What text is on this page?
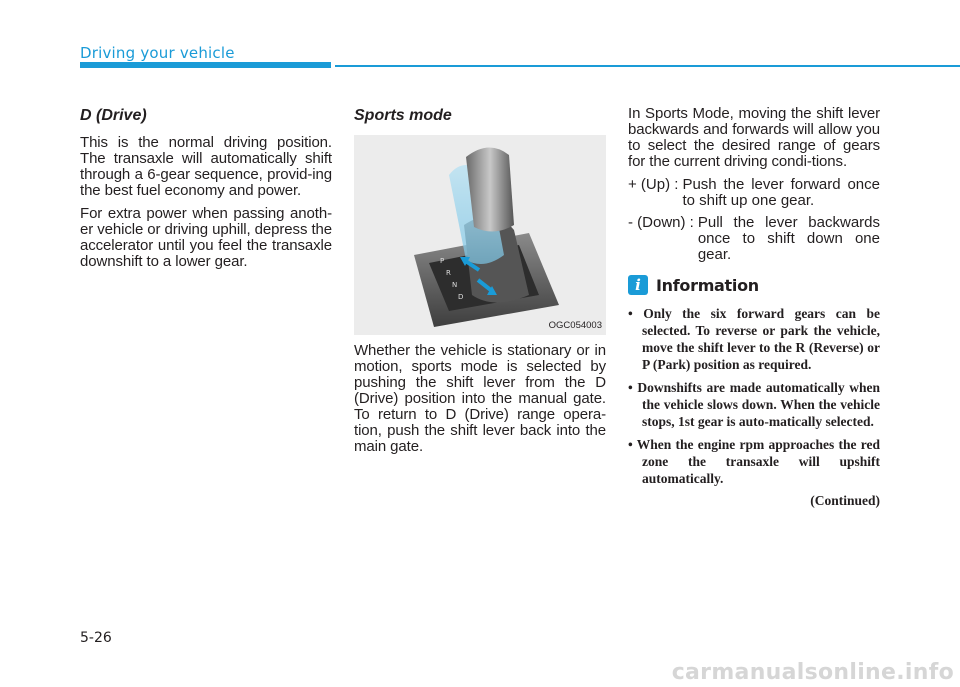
Driving your vehicle
D (Drive)

This is the normal driving position. The transaxle will automatically shift through a 6-gear sequence, provid-ing the best fuel economy and power.

For extra power when passing anoth-er vehicle or driving uphill, depress the accelerator until you feel the transaxle downshift to a lower gear.

Sports mode
P
R
N
D
OGC054003

Whether the vehicle is stationary or in motion, sports mode is selected by pushing the shift lever from the D (Drive) position into the manual gate. To return to D (Drive) range opera-tion, push the shift lever back into the main gate.

In Sports Mode, moving the shift lever backwards and forwards will allow you to select the desired range of gears for the current driving condi-tions.

+ (Up) : Push the lever forward once to shift up one gear.
- (Down) : Pull the lever backwards once to shift down one gear.
i Information

• Only the six forward gears can be selected. To reverse or park the vehicle, move the shift lever to the R (Reverse) or P (Park) position as required.

• Downshifts are made automatically when the vehicle slows down. When the vehicle stops, 1st gear is auto-matically selected.

• When the engine rpm approaches the red zone the transaxle will upshift automatically.

(Continued)
5-26
carmanualsonline.info
